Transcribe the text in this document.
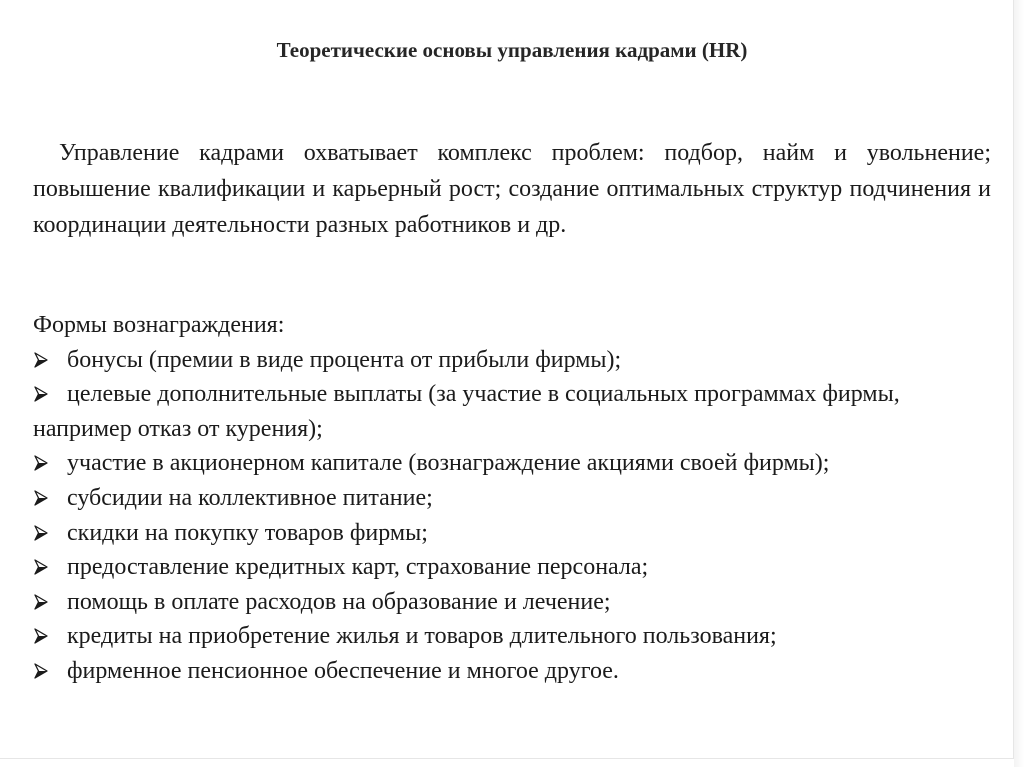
Теоретические основы управления кадрами (HR)

Управление кадрами охватывает комплекс проблем: подбор, найм и увольнение; повышение квалификации и карьерный рост; создание оптимальных структур подчинения и координации деятельности разных работников и др.

Формы вознаграждения:

бонусы (премии в виде процента от прибыли фирмы);
целевые дополнительные выплаты (за участие в социальных программах фирмы, например отказ от курения);
участие в акционерном капитале (вознаграждение акциями своей фирмы);
субсидии на коллективное питание;
скидки на покупку товаров фирмы;
предоставление кредитных карт, страхование персонала;
помощь в оплате расходов на образование и лечение;
кредиты на приобретение жилья и товаров длительного пользования;
фирменное пенсионное обеспечение и многое другое.
